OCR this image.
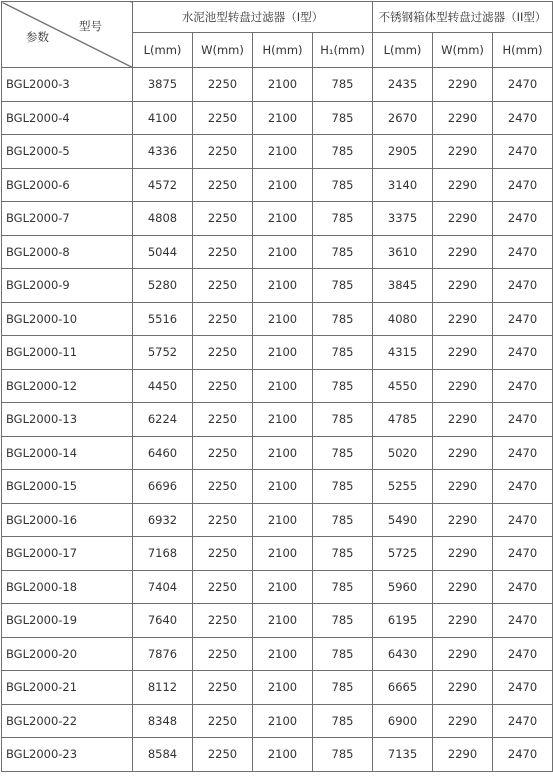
型号
参数	水泥池型转盘过滤器（I型）				不锈钢箱体型转盘过滤器（II型）		
	L(mm)	W(mm)	H(mm)	H₁(mm)	L(mm)	W(mm)	H(mm)
BGL2000-3	3875	2250	2100	785	2435	2290	2470
BGL2000-4	4100	2250	2100	785	2670	2290	2470
BGL2000-5	4336	2250	2100	785	2905	2290	2470
BGL2000-6	4572	2250	2100	785	3140	2290	2470
BGL2000-7	4808	2250	2100	785	3375	2290	2470
BGL2000-8	5044	2250	2100	785	3610	2290	2470
BGL2000-9	5280	2250	2100	785	3845	2290	2470
BGL2000-10	5516	2250	2100	785	4080	2290	2470
BGL2000-11	5752	2250	2100	785	4315	2290	2470
BGL2000-12	4450	2250	2100	785	4550	2290	2470
BGL2000-13	6224	2250	2100	785	4785	2290	2470
BGL2000-14	6460	2250	2100	785	5020	2290	2470
BGL2000-15	6696	2250	2100	785	5255	2290	2470
BGL2000-16	6932	2250	2100	785	5490	2290	2470
BGL2000-17	7168	2250	2100	785	5725	2290	2470
BGL2000-18	7404	2250	2100	785	5960	2290	2470
BGL2000-19	7640	2250	2100	785	6195	2290	2470
BGL2000-20	7876	2250	2100	785	6430	2290	2470
BGL2000-21	8112	2250	2100	785	6665	2290	2470
BGL2000-22	8348	2250	2100	785	6900	2290	2470
BGL2000-23	8584	2250	2100	785	7135	2290	2470
